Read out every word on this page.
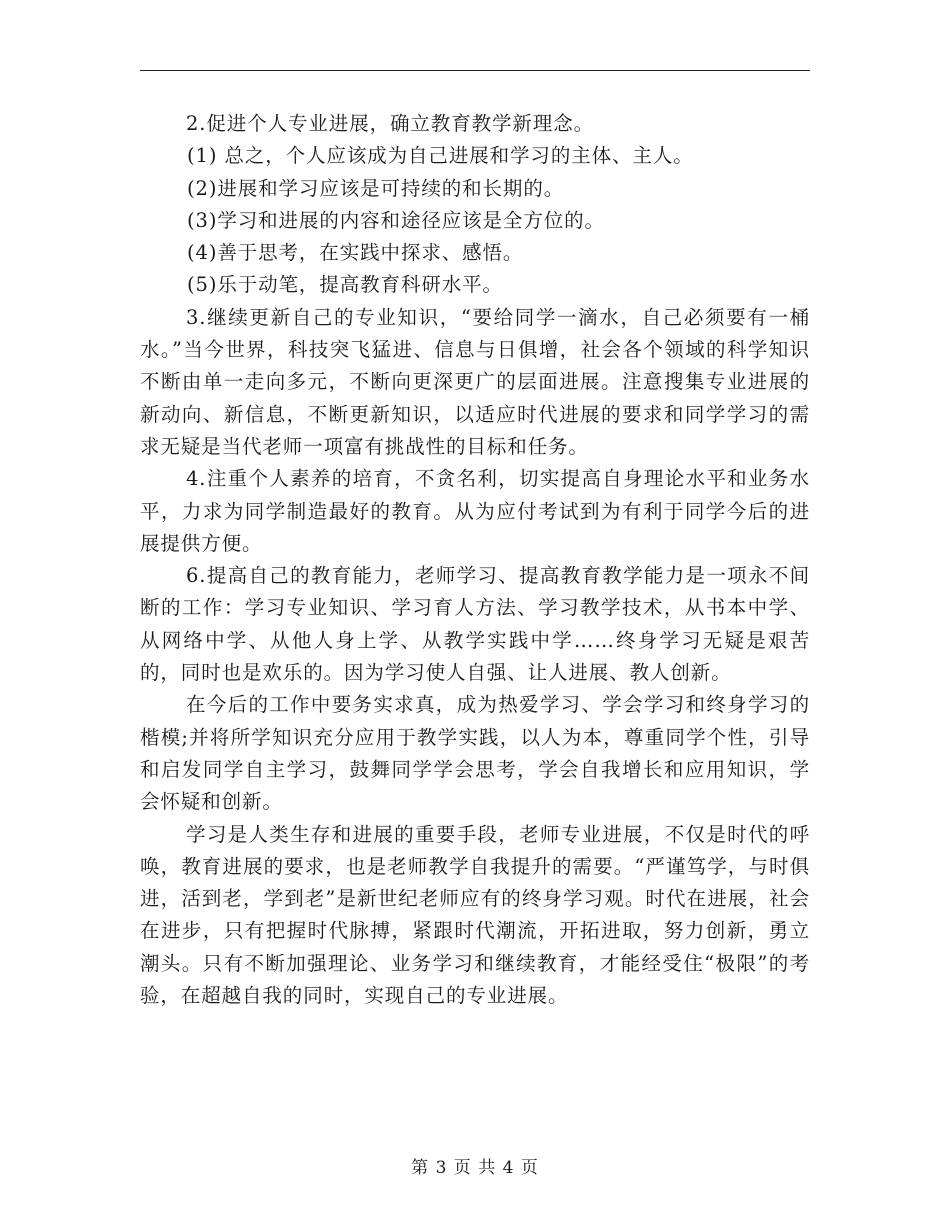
2.促进个人专业进展，确立教育教学新理念。

(1) 总之，个人应该成为自己进展和学习的主体、主人。

(2)进展和学习应该是可持续的和长期的。

(3)学习和进展的内容和途径应该是全方位的。

(4)善于思考，在实践中探求、感悟。

(5)乐于动笔，提高教育科研水平。

3.继续更新自己的专业知识，“要给同学一滴水，自己必须要有一桶水。”当今世界，科技突飞猛进、信息与日俱增，社会各个领域的科学知识不断由单一走向多元，不断向更深更广的层面进展。注意搜集专业进展的新动向、新信息，不断更新知识，以适应时代进展的要求和同学学习的需求无疑是当代老师一项富有挑战性的目标和任务。

4.注重个人素养的培育，不贪名利，切实提高自身理论水平和业务水平，力求为同学制造最好的教育。从为应付考试到为有利于同学今后的进展提供方便。

6.提高自己的教育能力，老师学习、提高教育教学能力是一项永不间断的工作：学习专业知识、学习育人方法、学习教学技术，从书本中学、从网络中学、从他人身上学、从教学实践中学……终身学习无疑是艰苦的，同时也是欢乐的。因为学习使人自强、让人进展、教人创新。

在今后的工作中要务实求真，成为热爱学习、学会学习和终身学习的楷模;并将所学知识充分应用于教学实践，以人为本，尊重同学个性，引导和启发同学自主学习，鼓舞同学学会思考，学会自我增长和应用知识，学会怀疑和创新。

学习是人类生存和进展的重要手段，老师专业进展，不仅是时代的呼唤，教育进展的要求，也是老师教学自我提升的需要。“严谨笃学，与时俱进，活到老，学到老”是新世纪老师应有的终身学习观。时代在进展，社会在进步，只有把握时代脉搏，紧跟时代潮流，开拓进取，努力创新，勇立潮头。只有不断加强理论、业务学习和继续教育，才能经受住“极限”的考验，在超越自我的同时，实现自己的专业进展。

第 3 页 共 4 页
